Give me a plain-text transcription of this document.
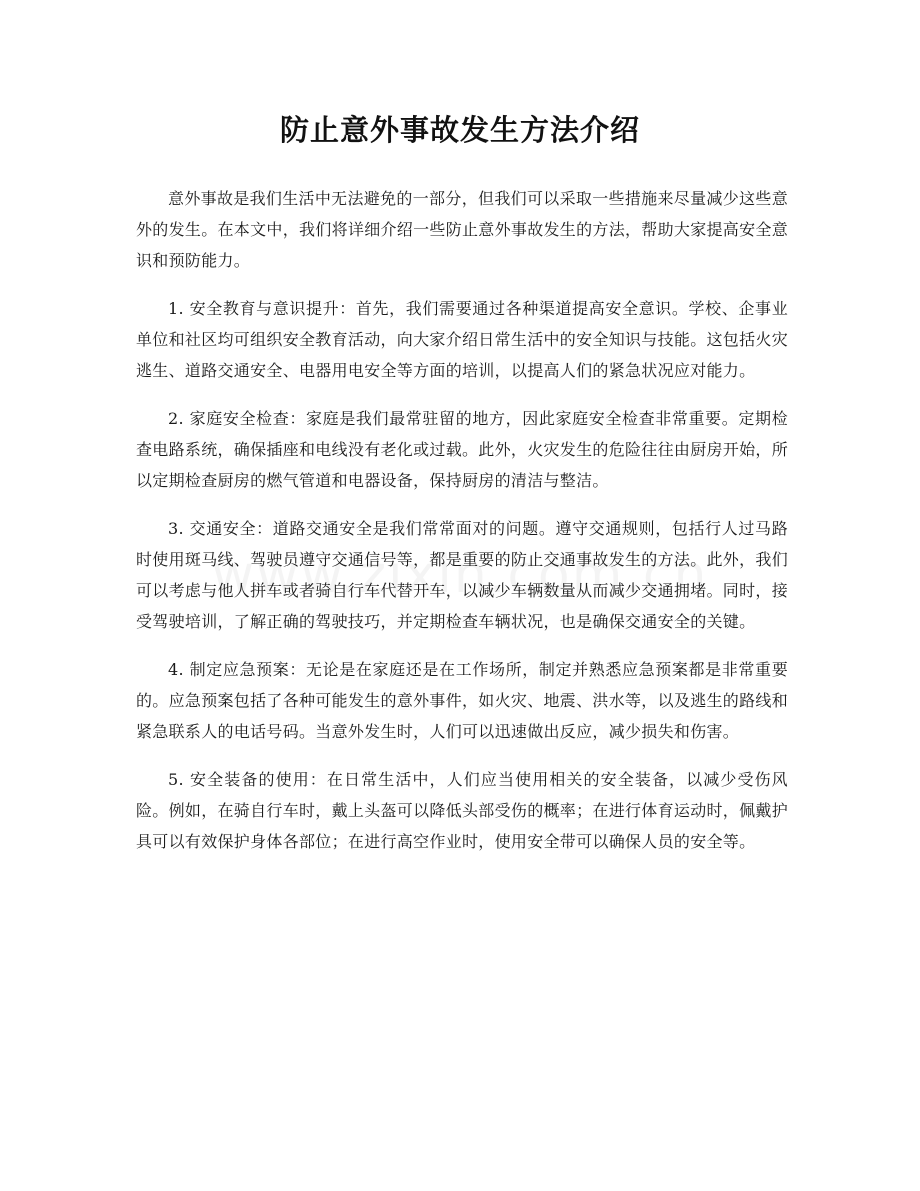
防止意外事故发生方法介绍

意外事故是我们生活中无法避免的一部分，但我们可以采取一些措施来尽量减少这些意外的发生。在本文中，我们将详细介绍一些防止意外事故发生的方法，帮助大家提高安全意识和预防能力。

1. 安全教育与意识提升：首先，我们需要通过各种渠道提高安全意识。学校、企事业单位和社区均可组织安全教育活动，向大家介绍日常生活中的安全知识与技能。这包括火灾逃生、道路交通安全、电器用电安全等方面的培训，以提高人们的紧急状况应对能力。

2. 家庭安全检查：家庭是我们最常驻留的地方，因此家庭安全检查非常重要。定期检查电路系统，确保插座和电线没有老化或过载。此外，火灾发生的危险往往由厨房开始，所以定期检查厨房的燃气管道和电器设备，保持厨房的清洁与整洁。

3. 交通安全：道路交通安全是我们常常面对的问题。遵守交通规则，包括行人过马路时使用斑马线、驾驶员遵守交通信号等，都是重要的防止交通事故发生的方法。此外，我们可以考虑与他人拼车或者骑自行车代替开车，以减少车辆数量从而减少交通拥堵。同时，接受驾驶培训，了解正确的驾驶技巧，并定期检查车辆状况，也是确保交通安全的关键。

4. 制定应急预案：无论是在家庭还是在工作场所，制定并熟悉应急预案都是非常重要的。应急预案包括了各种可能发生的意外事件，如火灾、地震、洪水等，以及逃生的路线和紧急联系人的电话号码。当意外发生时，人们可以迅速做出反应，减少损失和伤害。

5. 安全装备的使用：在日常生活中，人们应当使用相关的安全装备，以减少受伤风险。例如，在骑自行车时，戴上头盔可以降低头部受伤的概率；在进行体育运动时，佩戴护具可以有效保护身体各部位；在进行高空作业时，使用安全带可以确保人员的安全等。
